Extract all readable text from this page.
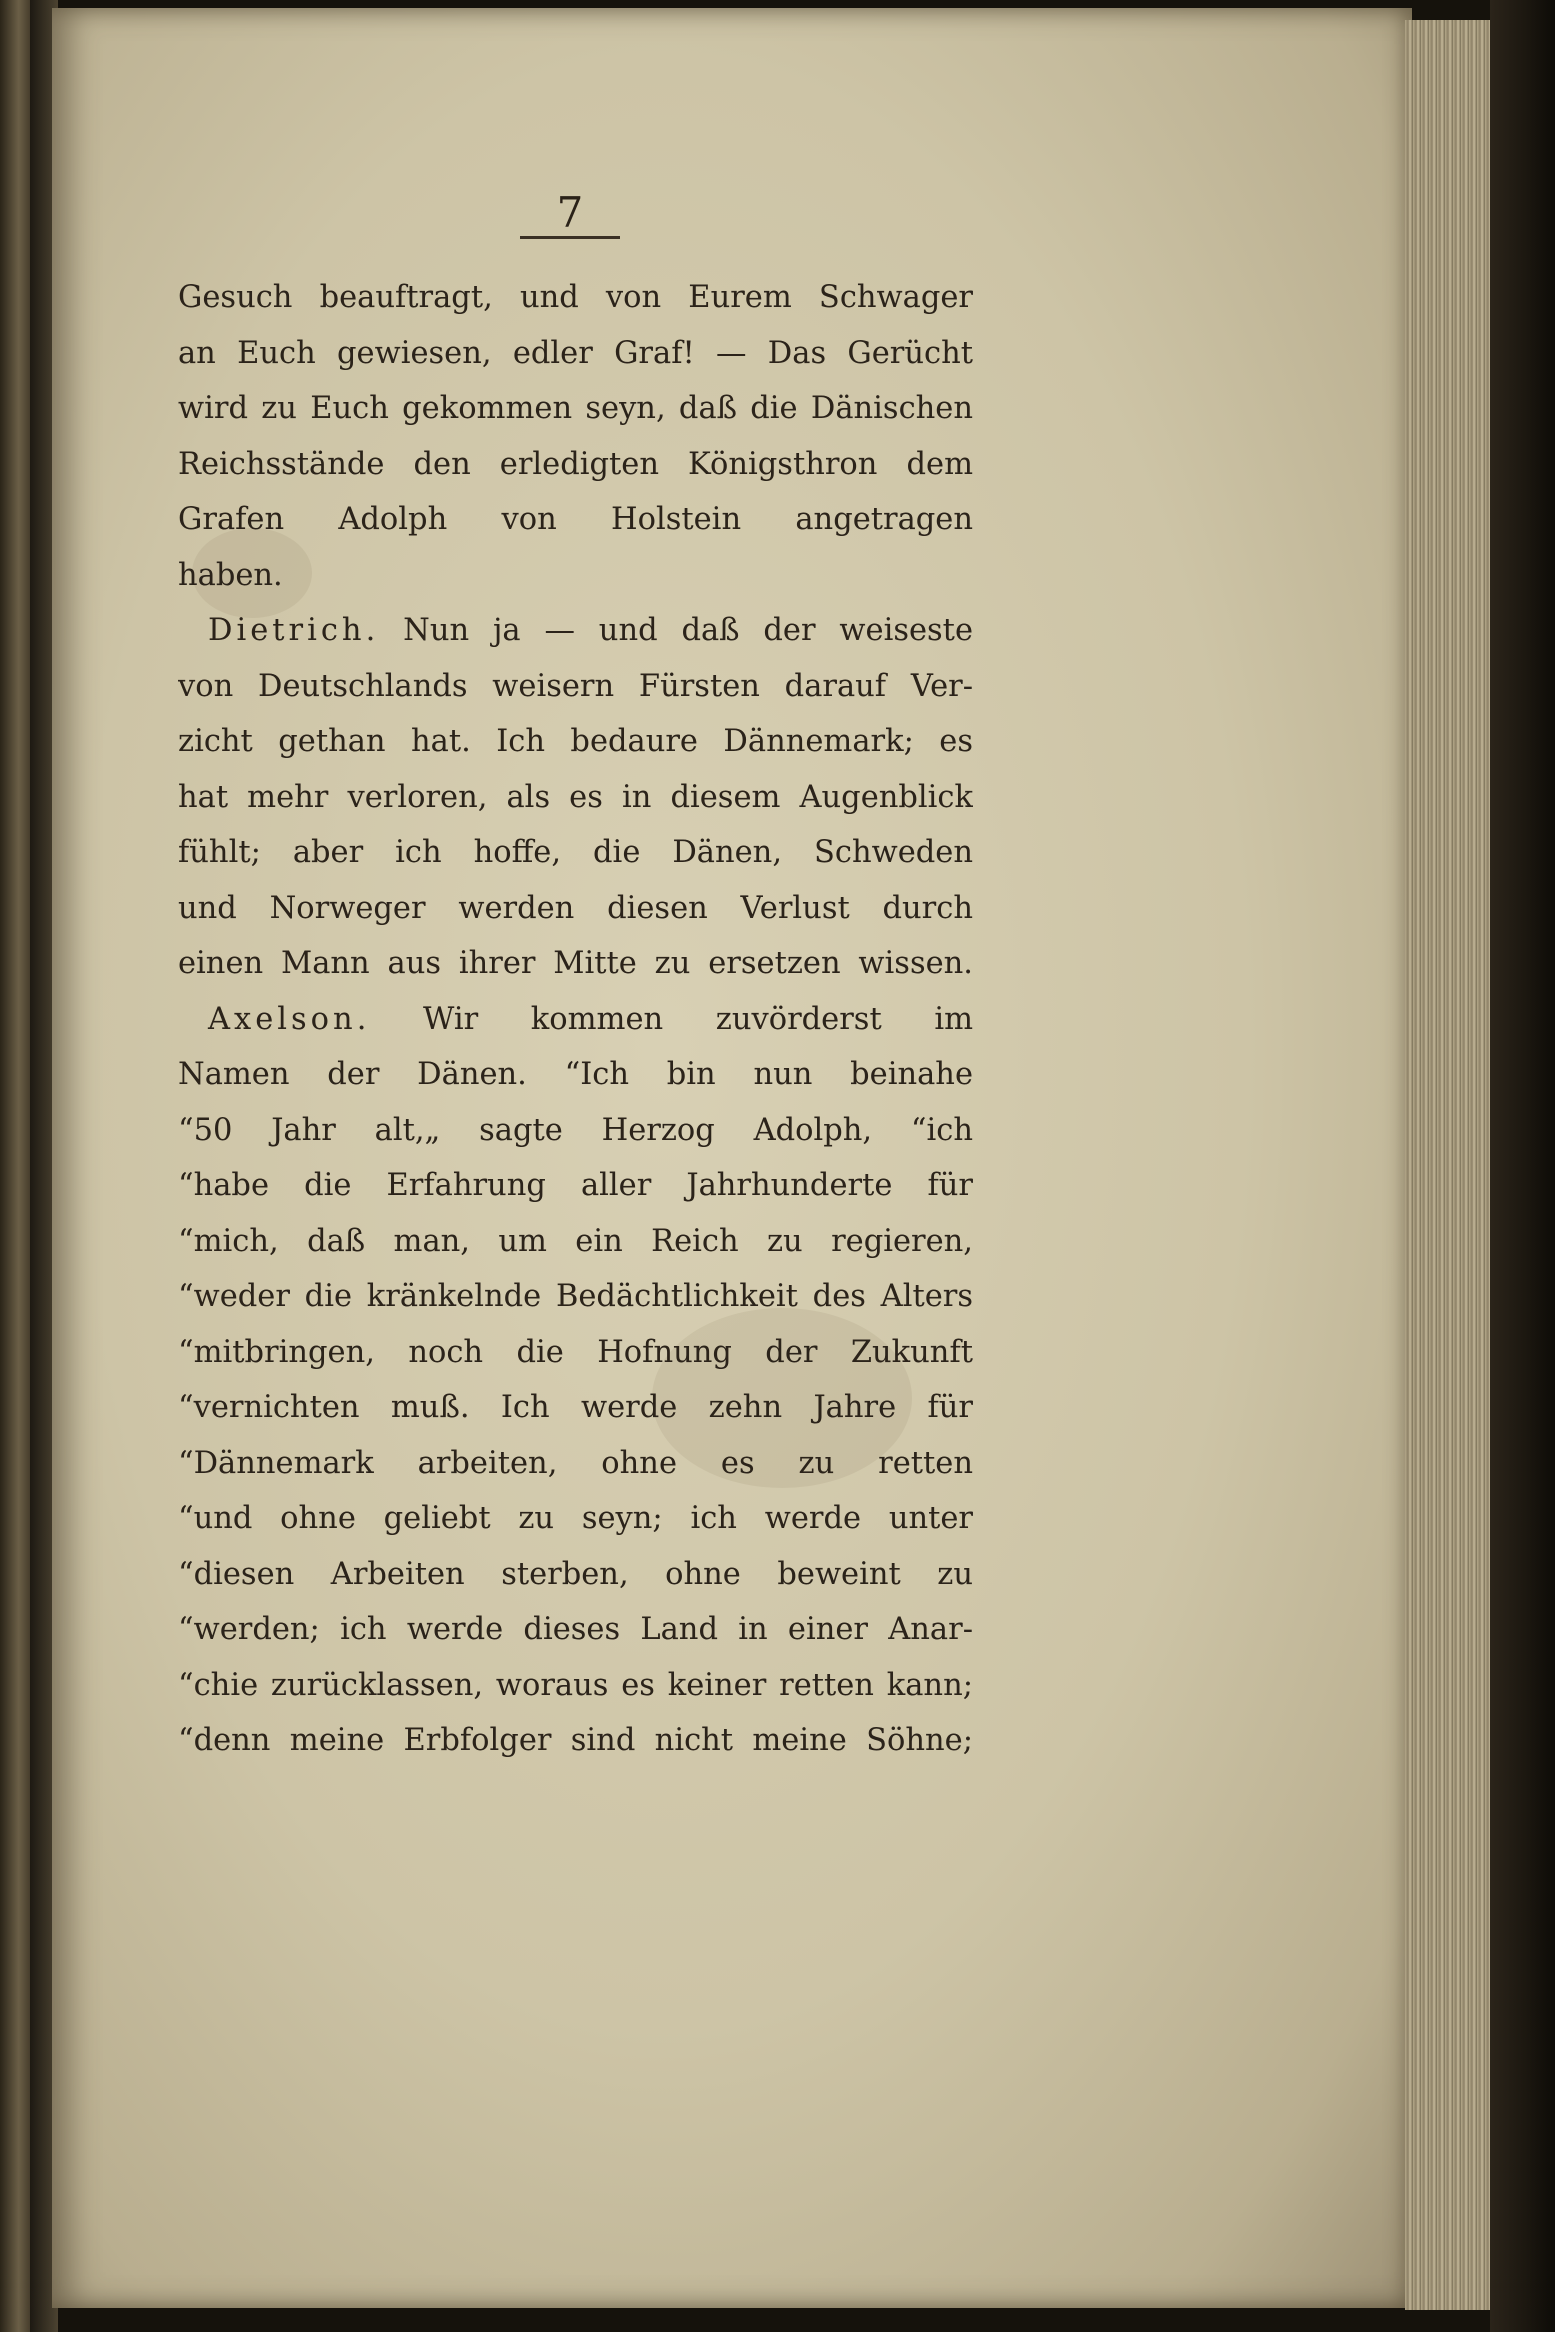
7
Gesuch beauftragt, und von Eurem Schwager
an Euch gewiesen, edler Graf! — Das Gerücht
wird zu Euch gekommen seyn, daß die Dänischen
Reichsstände den erledigten Königsthron dem
Grafen Adolph von Holstein angetragen
haben.
Dietrich. Nun ja — und daß der weiseste
von Deutschlands weisern Fürsten darauf Ver-
zicht gethan hat. Ich bedaure Dännemark; es
hat mehr verloren, als es in diesem Augenblick
fühlt; aber ich hoffe, die Dänen, Schweden
und Norweger werden diesen Verlust durch
einen Mann aus ihrer Mitte zu ersetzen wissen.
Axelson. Wir kommen zuvörderst im
Namen der Dänen. “Ich bin nun beinahe
“50 Jahr alt,„ sagte Herzog Adolph, “ich
“habe die Erfahrung aller Jahrhunderte für
“mich, daß man, um ein Reich zu regieren,
“weder die kränkelnde Bedächtlichkeit des Alters
“mitbringen, noch die Hofnung der Zukunft
“vernichten muß. Ich werde zehn Jahre für
“Dännemark arbeiten, ohne es zu retten
“und ohne geliebt zu seyn; ich werde unter
“diesen Arbeiten sterben, ohne beweint zu
“werden; ich werde dieses Land in einer Anar-
“chie zurücklassen, woraus es keiner retten kann;
“denn meine Erbfolger sind nicht meine Söhne;
